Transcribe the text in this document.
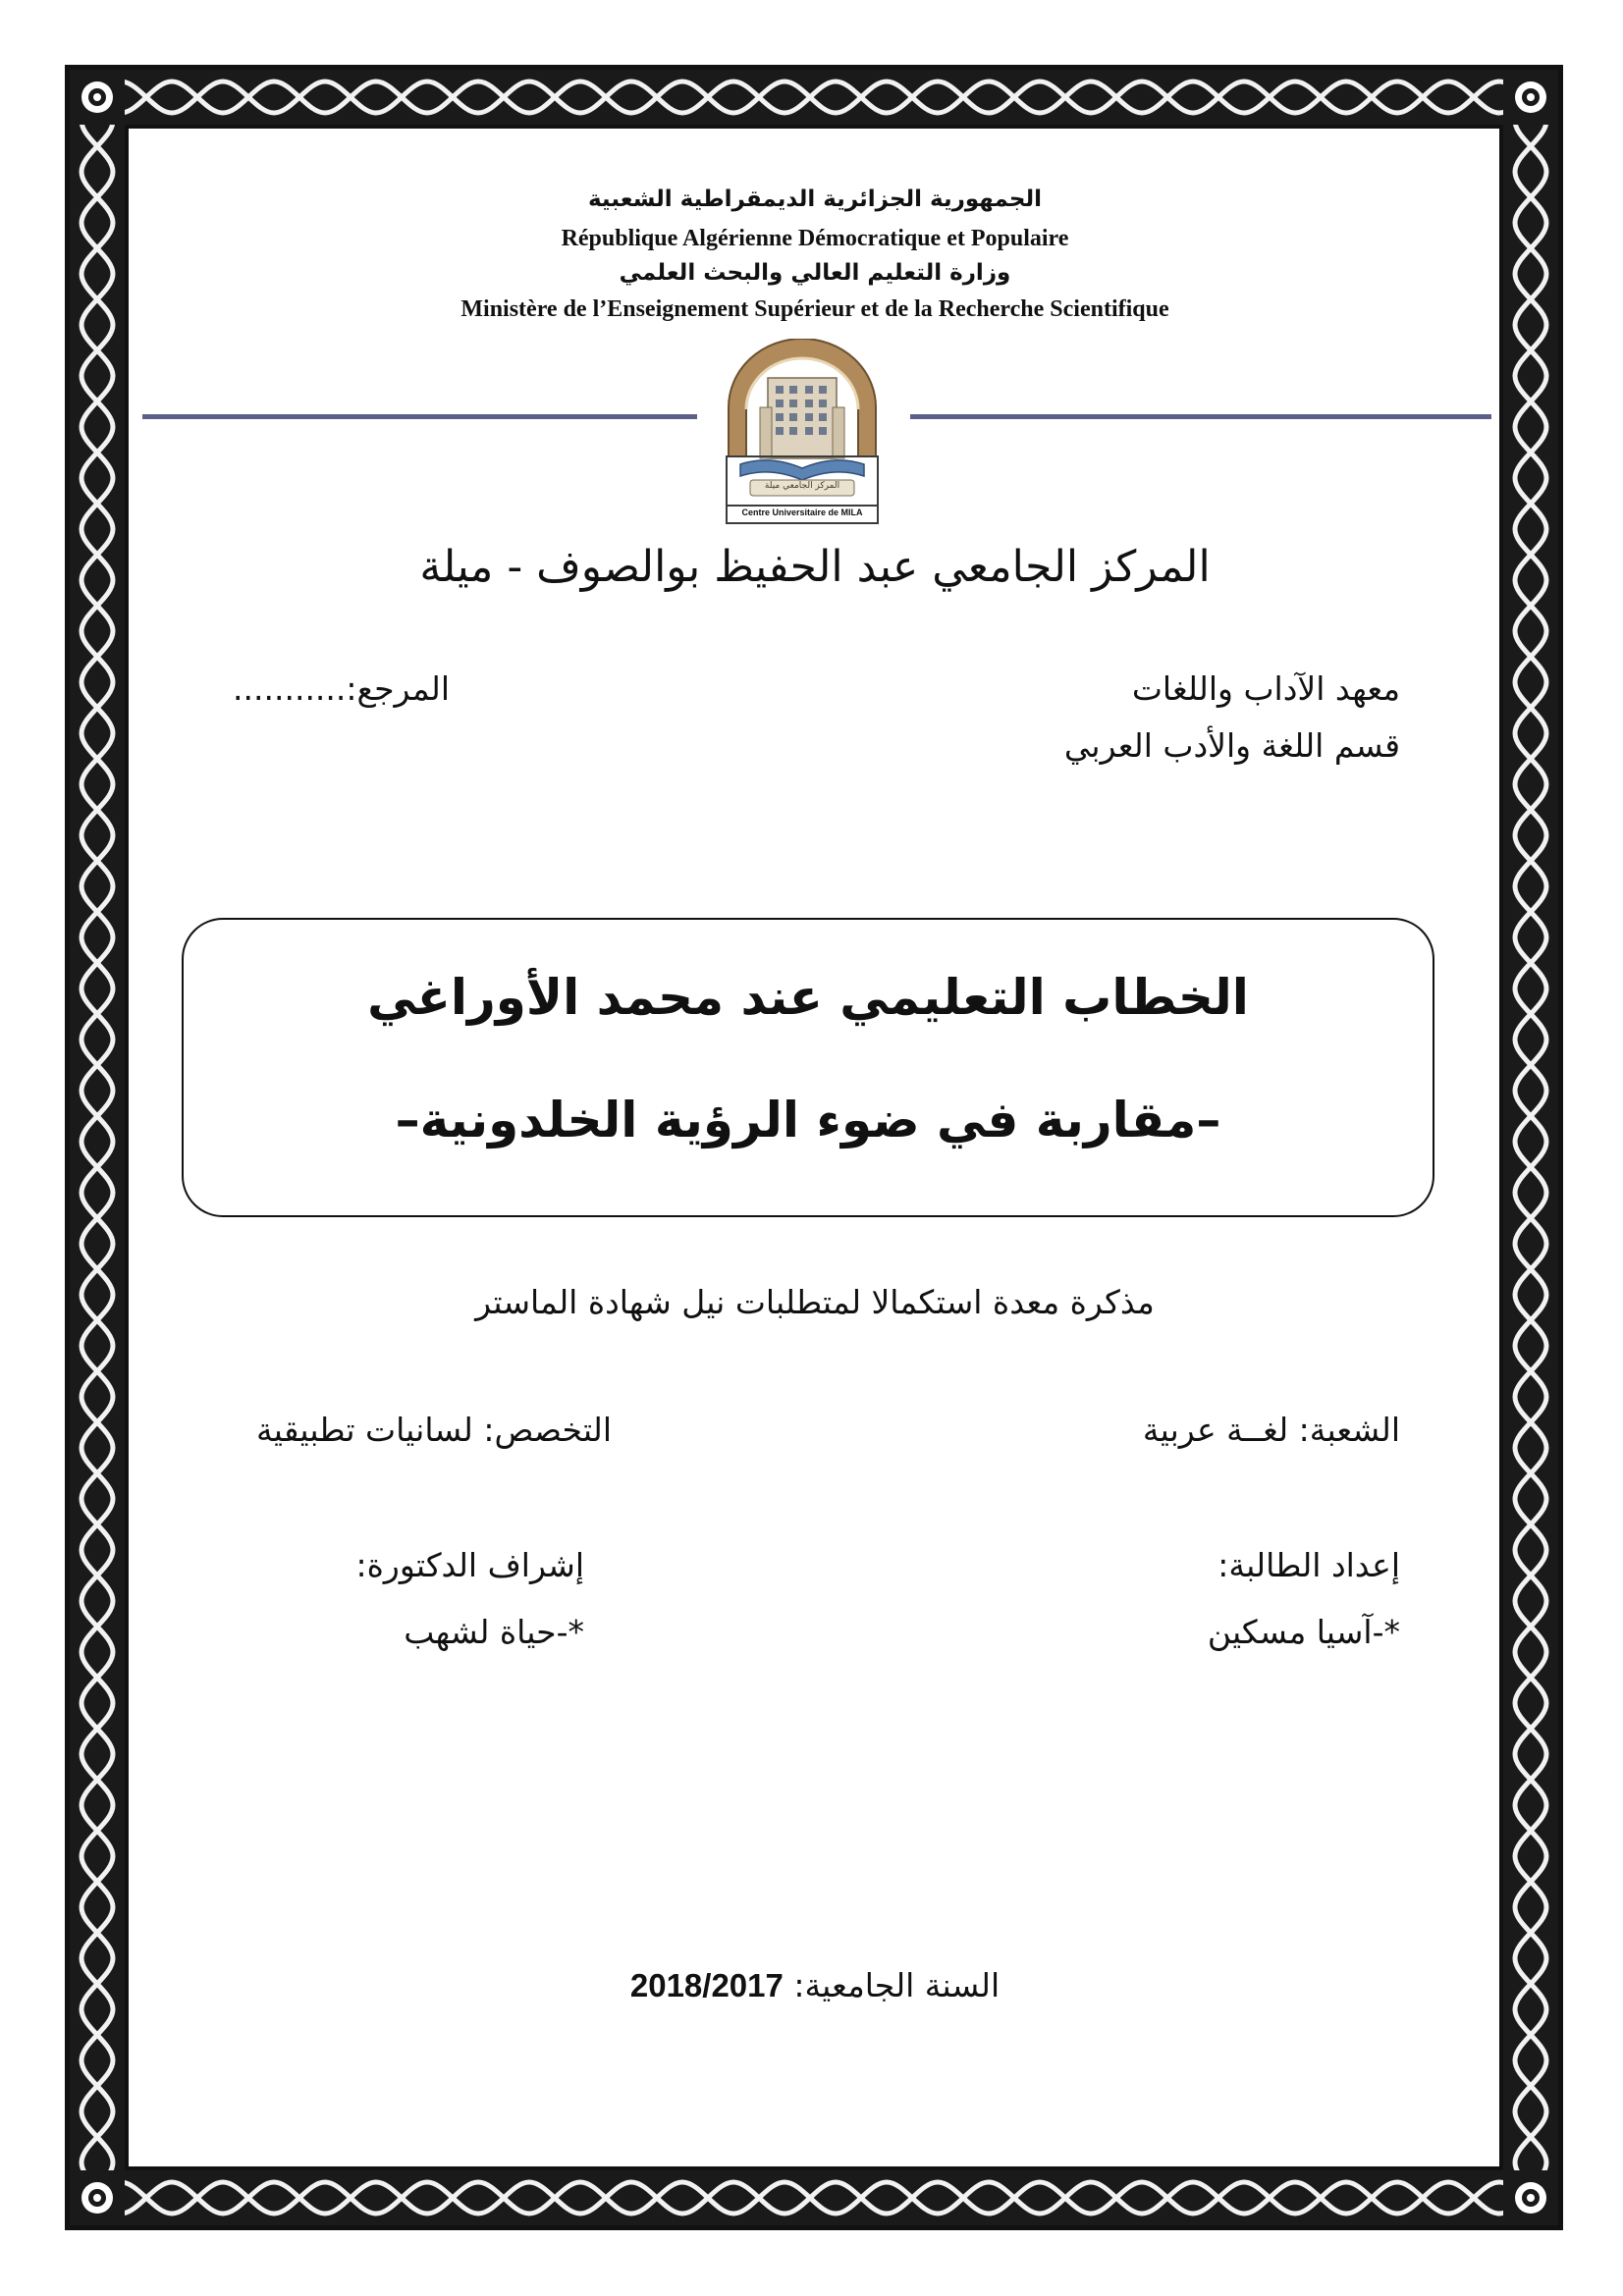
الجمهورية الجزائرية الديمقراطية الشعبية
République Algérienne Démocratique et Populaire
وزارة التعليم العالي والبحث العلمي
Ministère de l’Enseignement Supérieur et de la Recherche Scientifique
المركز الجامعي ميلة
Centre Universitaire de MILA
المركز الجامعي عبد الحفيظ بوالصوف - ميلة
معهد الآداب واللغات
قسم اللغة والأدب العربي
المرجع:...........
الخطاب التعليمي عند محمد الأوراغي
–مقاربة في ضوء الرؤية الخلدونية–
مذكرة معدة استكمالا لمتطلبات نيل شهادة الماستر
الشعبة: لغــة عربية
التخصص: لسانيات تطبيقية
إعداد الطالبة:
*-آسيا مسكين
إشراف الدكتورة:
*-حياة لشهب
السنة الجامعية: 2018/2017
